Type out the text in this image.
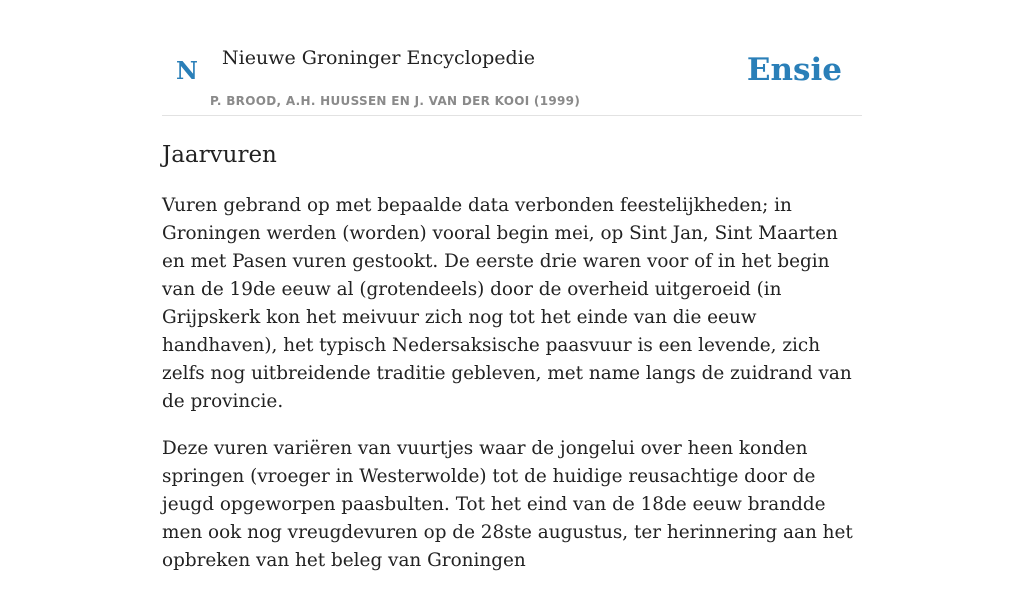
N Nieuwe Groninger Encyclopedie
P. BROOD, A.H. HUUSSEN EN J. VAN DER KOOI (1999)
Ensie
Jaarvuren

Vuren gebrand op met bepaalde data verbonden feestelijkheden; in Groningen werden (worden) vooral begin mei, op Sint Jan, Sint Maarten en met Pasen vuren gestookt. De eerste drie waren voor of in het begin van de 19de eeuw al (grotendeels) door de overheid uitgeroeid (in Grijpskerk kon het meivuur zich nog tot het einde van die eeuw handhaven), het typisch Nedersaksische paasvuur is een levende, zich zelfs nog uitbreidende traditie gebleven, met name langs de zuidrand van de provincie.

Deze vuren variëren van vuurtjes waar de jongelui over heen konden springen (vroeger in Westerwolde) tot de huidige reusachtige door de jeugd opgeworpen paasbulten. Tot het eind van de 18de eeuw brandde men ook nog vreugdevuren op de 28ste augustus, ter herinnering aan het opbreken van het beleg van Groningen
